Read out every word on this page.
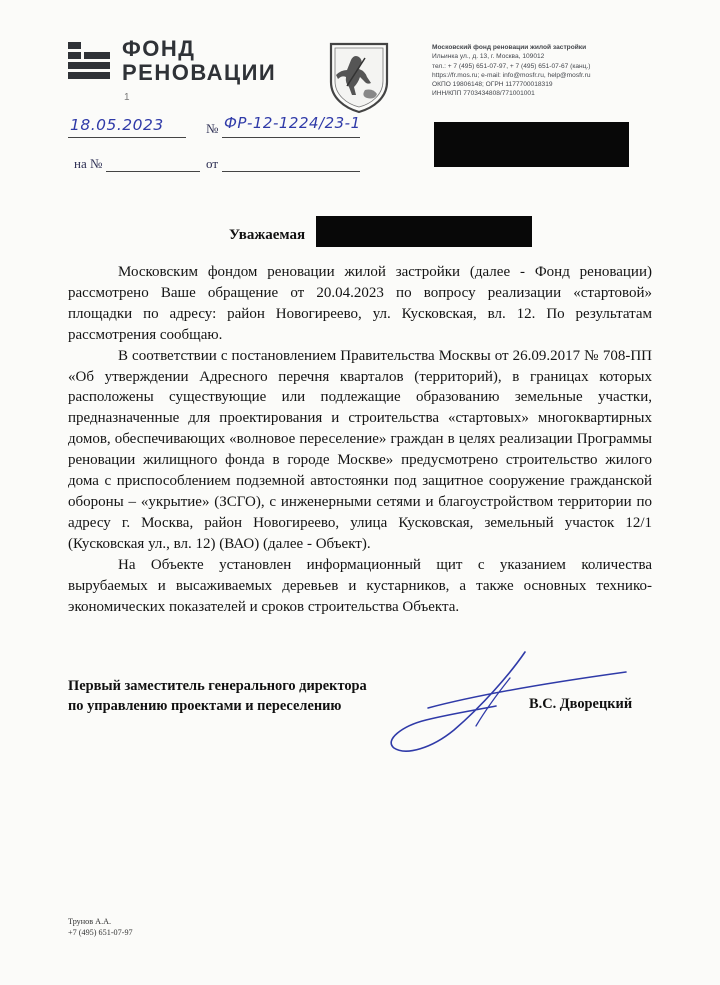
ФОНД
РЕНОВАЦИИ
Московский фонд реновации жилой застройки
Ильинка ул., д. 13, г. Москва, 109012
тел.: + 7 (495) 651-07-97, + 7 (495) 651-07-67 (канц.)
https://fr.mos.ru; e-mail: info@mosfr.ru, help@mosfr.ru
ОКПО 19806148; ОГРН 1177700018319
ИНН/КПП 7703434808/771001001
1
18.05.2023	№ ФР-12-1224/23-1
на №	от
Уважаемая

Московским фондом реновации жилой застройки (далее - Фонд реновации) рассмотрено Ваше обращение от 20.04.2023 по вопросу реализации «стартовой» площадки по адресу: район Новогиреево, ул. Кусковская, вл. 12. По результатам рассмотрения сообщаю.

В соответствии с постановлением Правительства Москвы от 26.09.2017 № 708-ПП «Об утверждении Адресного перечня кварталов (территорий), в границах которых расположены существующие или подлежащие образованию земельные участки, предназначенные для проектирования и строительства «стартовых» многоквартирных домов, обеспечивающих «волновое переселение» граждан в целях реализации Программы реновации жилищного фонда в городе Москве» предусмотрено строительство жилого дома с приспособлением подземной автостоянки под защитное сооружение гражданской обороны – «укрытие» (ЗСГО), с инженерными сетями и благоустройством территории по адресу г. Москва, район Новогиреево, улица Кусковская, земельный участок 12/1 (Кусковская ул., вл. 12) (ВАО) (далее - Объект).

На Объекте установлен информационный щит с указанием количества вырубаемых и высаживаемых деревьев и кустарников, а также основных технико-экономических показателей и сроков строительства Объекта.

Первый заместитель генерального директора
по управлению проектами и переселению	В.С. Дворецкий
Трунов А.А.
+7 (495) 651-07-97
